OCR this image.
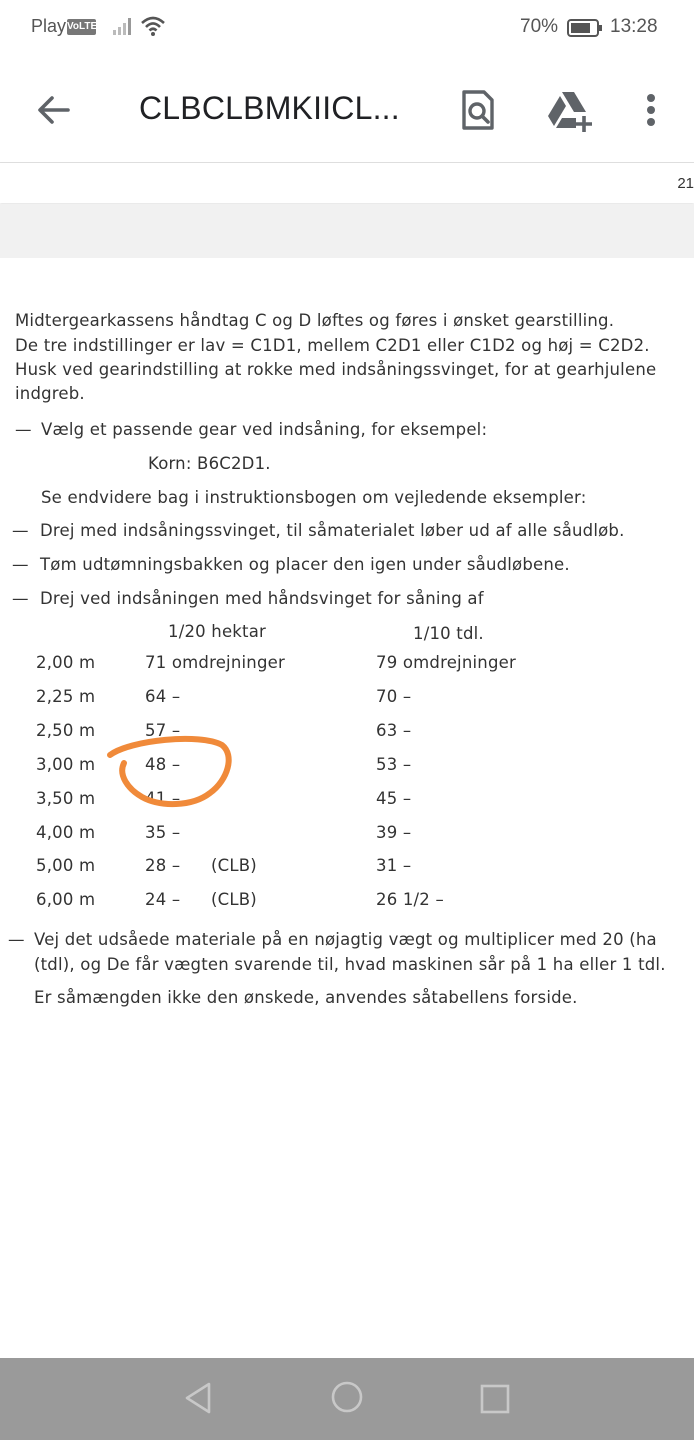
Play VoLTE	70%	13:28
CLBCLBMKIICL...
21
Midtergearkassens håndtag C og D løftes og føres i ønsket gearstilling.
De tre indstillinger er lav = C1D1, mellem C2D1 eller C1D2 og høj = C2D2.
Husk ved gearindstilling at rokke med indsåningssvinget, for at gearhjulene
indgreb.
— Vælg et passende gear ved indsåning, for eksempel:
Korn: B6C2D1.
Se endvidere bag i instruktionsbogen om vejledende eksempler:
— Drej med indsåningssvinget, til såmaterialet løber ud af alle såudløb.
— Tøm udtømningsbakken og placer den igen under såudløbene.
— Drej ved indsåningen med håndsvinget for såning af
1/20 hektar	1/10 tdl.
2,00 m	71 omdrejninger	79 omdrejninger
2,25 m	64 –	70 –
2,50 m	57 –	63 –
3,00 m	48 –	53 –
3,50 m	41 –	45 –
4,00 m	35 –	39 –
5,00 m	28 – (CLB)	31 –
6,00 m	24 – (CLB)	26 1/2 –
— Vej det udsåede materiale på en nøjagtig vægt og multiplicer med 20 (ha
(tdl), og De får vægten svarende til, hvad maskinen sår på 1 ha eller 1 tdl.
Er såmængden ikke den ønskede, anvendes såtabellens forside.
